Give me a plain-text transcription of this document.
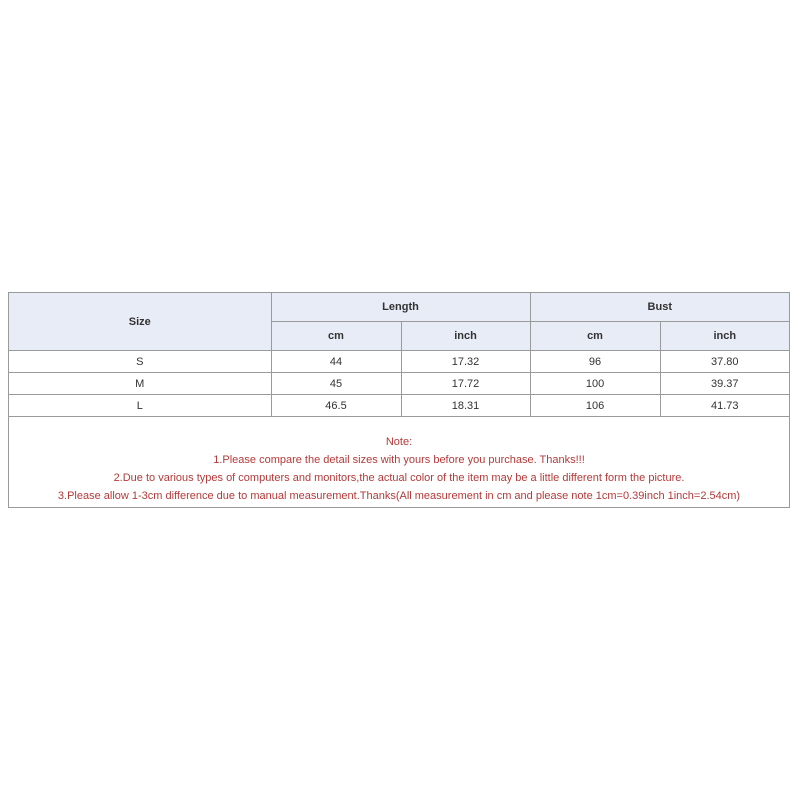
Size	Length		Bust	
	cm	inch	cm	inch
S	44	17.32	96	37.80
M	45	17.72	100	39.37
L	46.5	18.31	106	41.73
Note:
1.Please compare the detail sizes with yours before you purchase. Thanks!!!
2.Due to various types of computers and monitors,the actual color of the item may be a little different form the picture.
3.Please allow 1-3cm difference due to manual measurement.Thanks(All measurement in cm and please note 1cm=0.39inch 1inch=2.54cm)
